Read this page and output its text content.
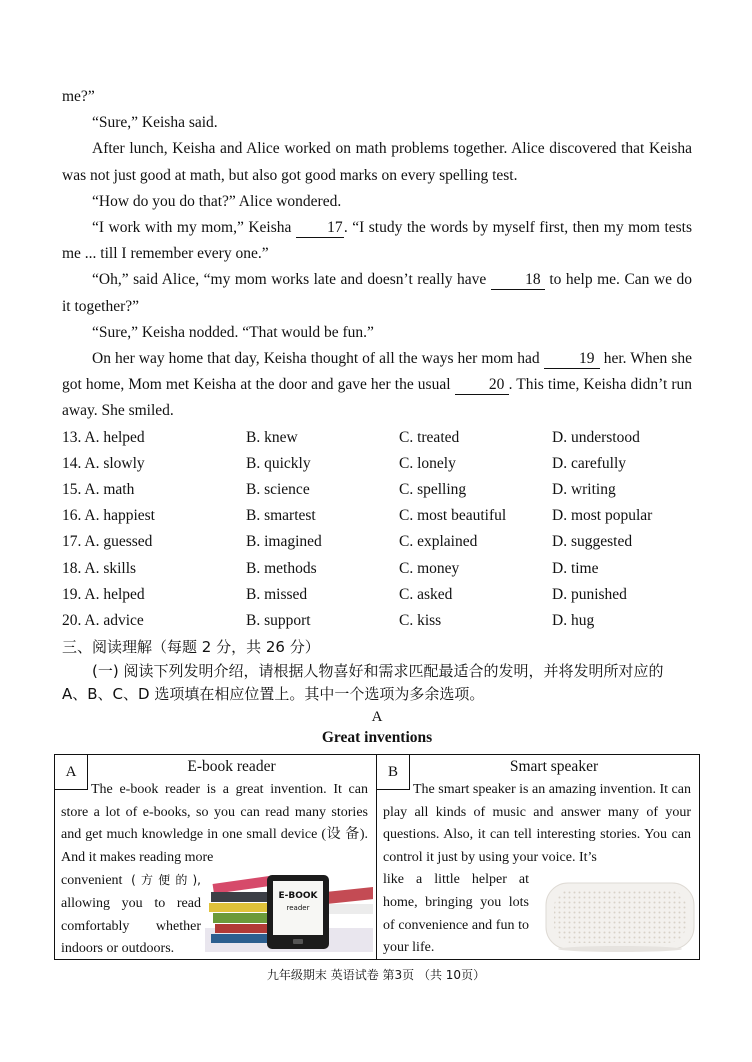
me?”

“Sure,” Keisha said.

After lunch, Keisha and Alice worked on math problems together. Alice discovered that Keisha was not just good at math, but also got good marks on every spelling test.

“How do you do that?” Alice wondered.

“I work with my mom,” Keisha 17. “I study the words by myself first, then my mom tests me ... till I remember every one.”

“Oh,” said Alice, “my mom works late and doesn’t really have	18 to help me. Can we do it together?”

“Sure,” Keisha nodded. “That would be fun.”

On her way home that day, Keisha thought of all the ways her mom had	19 her. When she got home, Mom met Keisha at the door and gave her the usual 20 . This time, Keisha didn’t run away. She smiled.

13. A. helped	B. knew	C. treated	D. understood
14. A. slowly	B. quickly	C. lonely	D. carefully
15. A. math	B. science	C. spelling	D. writing
16. A. happiest	B. smartest	C. most beautiful	D. most popular
17. A. guessed	B. imagined	C. explained	D. suggested
18. A. skills	B. methods	C. money	D. time
19. A. helped	B. missed	C. asked	D. punished
20. A. advice	B. support	C. kiss	D. hug
三、阅读理解（每题 2 分，共 26 分）

(一) 阅读下列发明介绍，请根据人物喜好和需求匹配最适合的发明，并将发明所对应的 A、B、C、D 选项填在相应位置上。其中一个选项为多余选项。

A
Great inventions
A	E-book reader
The e-book reader is a great invention. It can store a lot of e-books, so you can read many stories and get much knowledge in one small device (设 备). And it makes reading more
convenient (方便的), allowing you to read comfortably whether indoors or outdoors.
E-BOOK
reader
B	Smart speaker
The smart speaker is an amazing invention. It can play all kinds of music and answer many of your questions. Also, it can tell interesting stories. You can control it just by using your voice. It’s
like a little helper at home, bringing you lots of convenience and fun to your life.
九年级期末 英语试卷 第3页 （共 10页）
